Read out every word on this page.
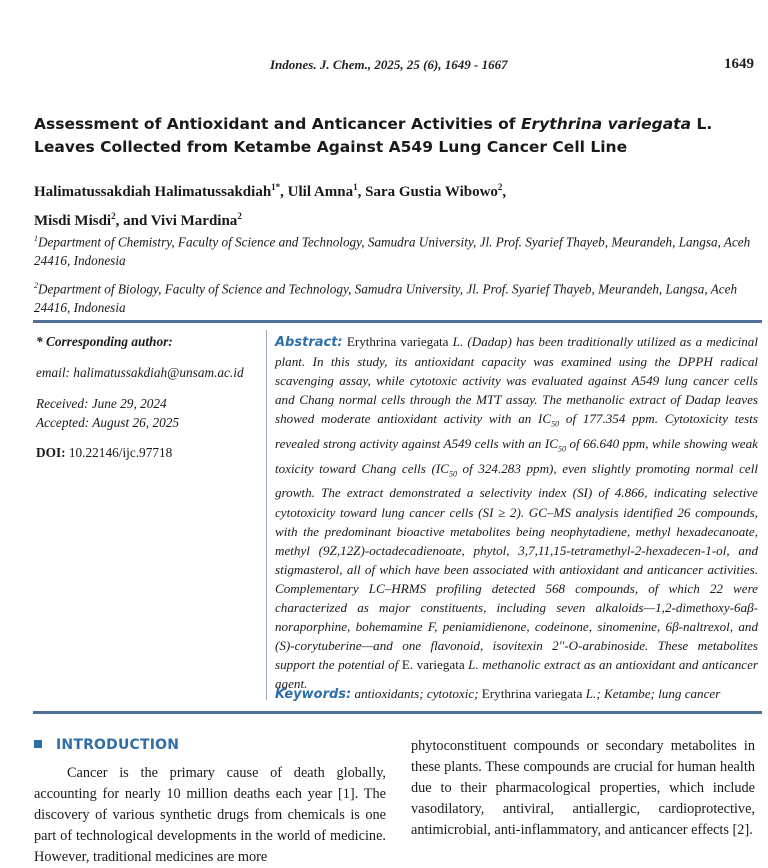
Indones. J. Chem., 2025, 25 (6), 1649 - 1667	1649
Assessment of Antioxidant and Anticancer Activities of Erythrina variegata L. Leaves Collected from Ketambe Against A549 Lung Cancer Cell Line
Halimatussakdiah Halimatussakdiah$^{1*}$, Ulil Amna$^1$, Sara Gustia Wibowo$^2$,
Misdi Misdi$^2$, and Vivi Mardina$^2$
$^1$Department of Chemistry, Faculty of Science and Technology, Samudra University, Jl. Prof. Syarief Thayeb, Meurandeh, Langsa, Aceh 24416, Indonesia
$^2$Department of Biology, Faculty of Science and Technology, Samudra University, Jl. Prof. Syarief Thayeb, Meurandeh, Langsa, Aceh 24416, Indonesia
* Corresponding author:
email: halimatussakdiah@unsam.ac.id
Received: June 29, 2024
Accepted: August 26, 2025
DOI: 10.22146/ijc.97718
Abstract: Erythrina variegata L. (Dadap) has been traditionally utilized as a medicinal plant. In this study, its antioxidant capacity was examined using the DPPH radical scavenging assay, while cytotoxic activity was evaluated against A549 lung cancer cells and Chang normal cells through the MTT assay. The methanolic extract of Dadap leaves showed moderate antioxidant activity with an $IC_{50}$ of 177.354 ppm. Cytotoxicity tests revealed strong activity against A549 cells with an $IC_{50}$ of 66.640 ppm, while showing weak toxicity toward Chang cells ($IC_{50}$ of 324.283 ppm), even slightly promoting normal cell growth. The extract demonstrated a selectivity index (SI) of 4.866, indicating selective cytotoxicity toward lung cancer cells (SI ≥ 2). GC–MS analysis identified 26 compounds, with the predominant bioactive metabolites being neophytadiene, methyl hexadecanoate, methyl (9Z,12Z)-octadecadienoate, phytol, 3,7,11,15-tetramethyl-2-hexadecen-1-ol, and stigmasterol, all of which have been associated with antioxidant and anticancer activities. Complementary LC–HRMS profiling detected 568 compounds, of which 22 were characterized as major constituents, including seven alkaloids—1,2-dimethoxy-6aβ-noraporphine, bohemamine F, peniamidienone, codeinone, sinomenine, 6β-naltrexol, and (S)-corytuberine—and one flavonoid, isovitexin 2''-O-arabinoside. These metabolites support the potential of E. variegata L. methanolic extract as an antioxidant and anticancer agent.
Keywords: antioxidants; cytotoxic; Erythrina variegata L.; Ketambe; lung cancer
INTRODUCTION
Cancer is the primary cause of death globally, accounting for nearly 10 million deaths each year [1]. The discovery of various synthetic drugs from chemicals is one part of technological developments in the world of medicine. However, traditional medicines are more
phytoconstituent compounds or secondary metabolites in these plants. These compounds are crucial for human health due to their pharmacological properties, which include vasodilatory, antiviral, antiallergic, cardioprotective, antimicrobial, anti-inflammatory, and anticancer effects [2].
